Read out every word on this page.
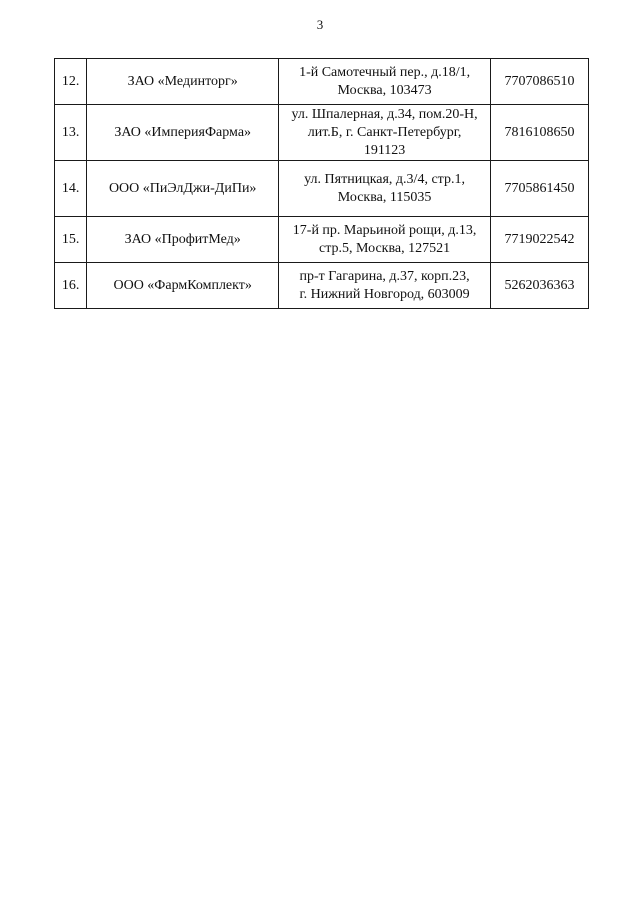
3
12.	ЗАО «Мединторг»	1-й Самотечный пер., д.18/1,
Москва, 103473	7707086510
13.	ЗАО «ИмперияФарма»	ул. Шпалерная, д.34, пом.20-Н,
лит.Б, г. Санкт-Петербург,
191123	7816108650
14.	ООО «ПиЭлДжи-ДиПи»	ул. Пятницкая, д.3/4, стр.1,
Москва, 115035	7705861450
15.	ЗАО «ПрофитМед»	17-й пр. Марьиной рощи, д.13,
стр.5, Москва, 127521	7719022542
16.	ООО «ФармКомплект»	пр-т Гагарина, д.37, корп.23,
г. Нижний Новгород, 603009	5262036363
